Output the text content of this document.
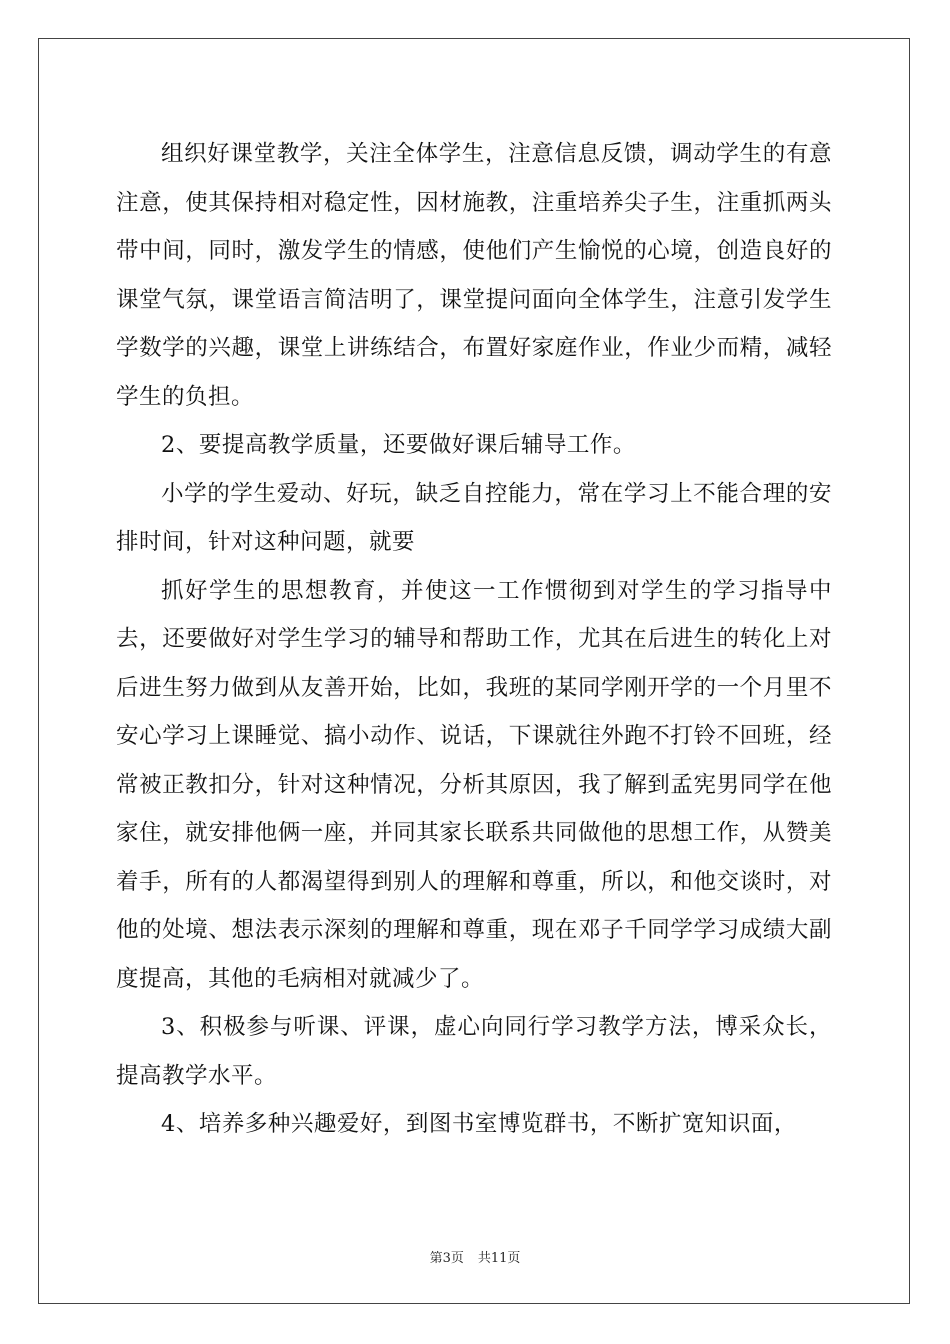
组织好课堂教学，关注全体学生，注意信息反馈，调动学生的有意注意，使其保持相对稳定性，因材施教，注重培养尖子生，注重抓两头带中间，同时，激发学生的情感，使他们产生愉悦的心境，创造良好的课堂气氛，课堂语言简洁明了，课堂提问面向全体学生，注意引发学生学数学的兴趣，课堂上讲练结合，布置好家庭作业，作业少而精，减轻学生的负担。

2、要提高教学质量，还要做好课后辅导工作。

小学的学生爱动、好玩，缺乏自控能力，常在学习上不能合理的安排时间，针对这种问题，就要

抓好学生的思想教育，并使这一工作惯彻到对学生的学习指导中去，还要做好对学生学习的辅导和帮助工作，尤其在后进生的转化上对后进生努力做到从友善开始，比如，我班的某同学刚开学的一个月里不安心学习上课睡觉、搞小动作、说话，下课就往外跑不打铃不回班，经常被正教扣分，针对这种情况，分析其原因，我了解到孟宪男同学在他家住，就安排他俩一座，并同其家长联系共同做他的思想工作，从赞美着手，所有的人都渴望得到别人的理解和尊重，所以，和他交谈时，对他的处境、想法表示深刻的理解和尊重，现在邓子千同学学习成绩大副度提高，其他的毛病相对就减少了。

3、积极参与听课、评课，虚心向同行学习教学方法，博采众长，提高教学水平。

4、培养多种兴趣爱好，到图书室博览群书，不断扩宽知识面，

第3页 共11页
